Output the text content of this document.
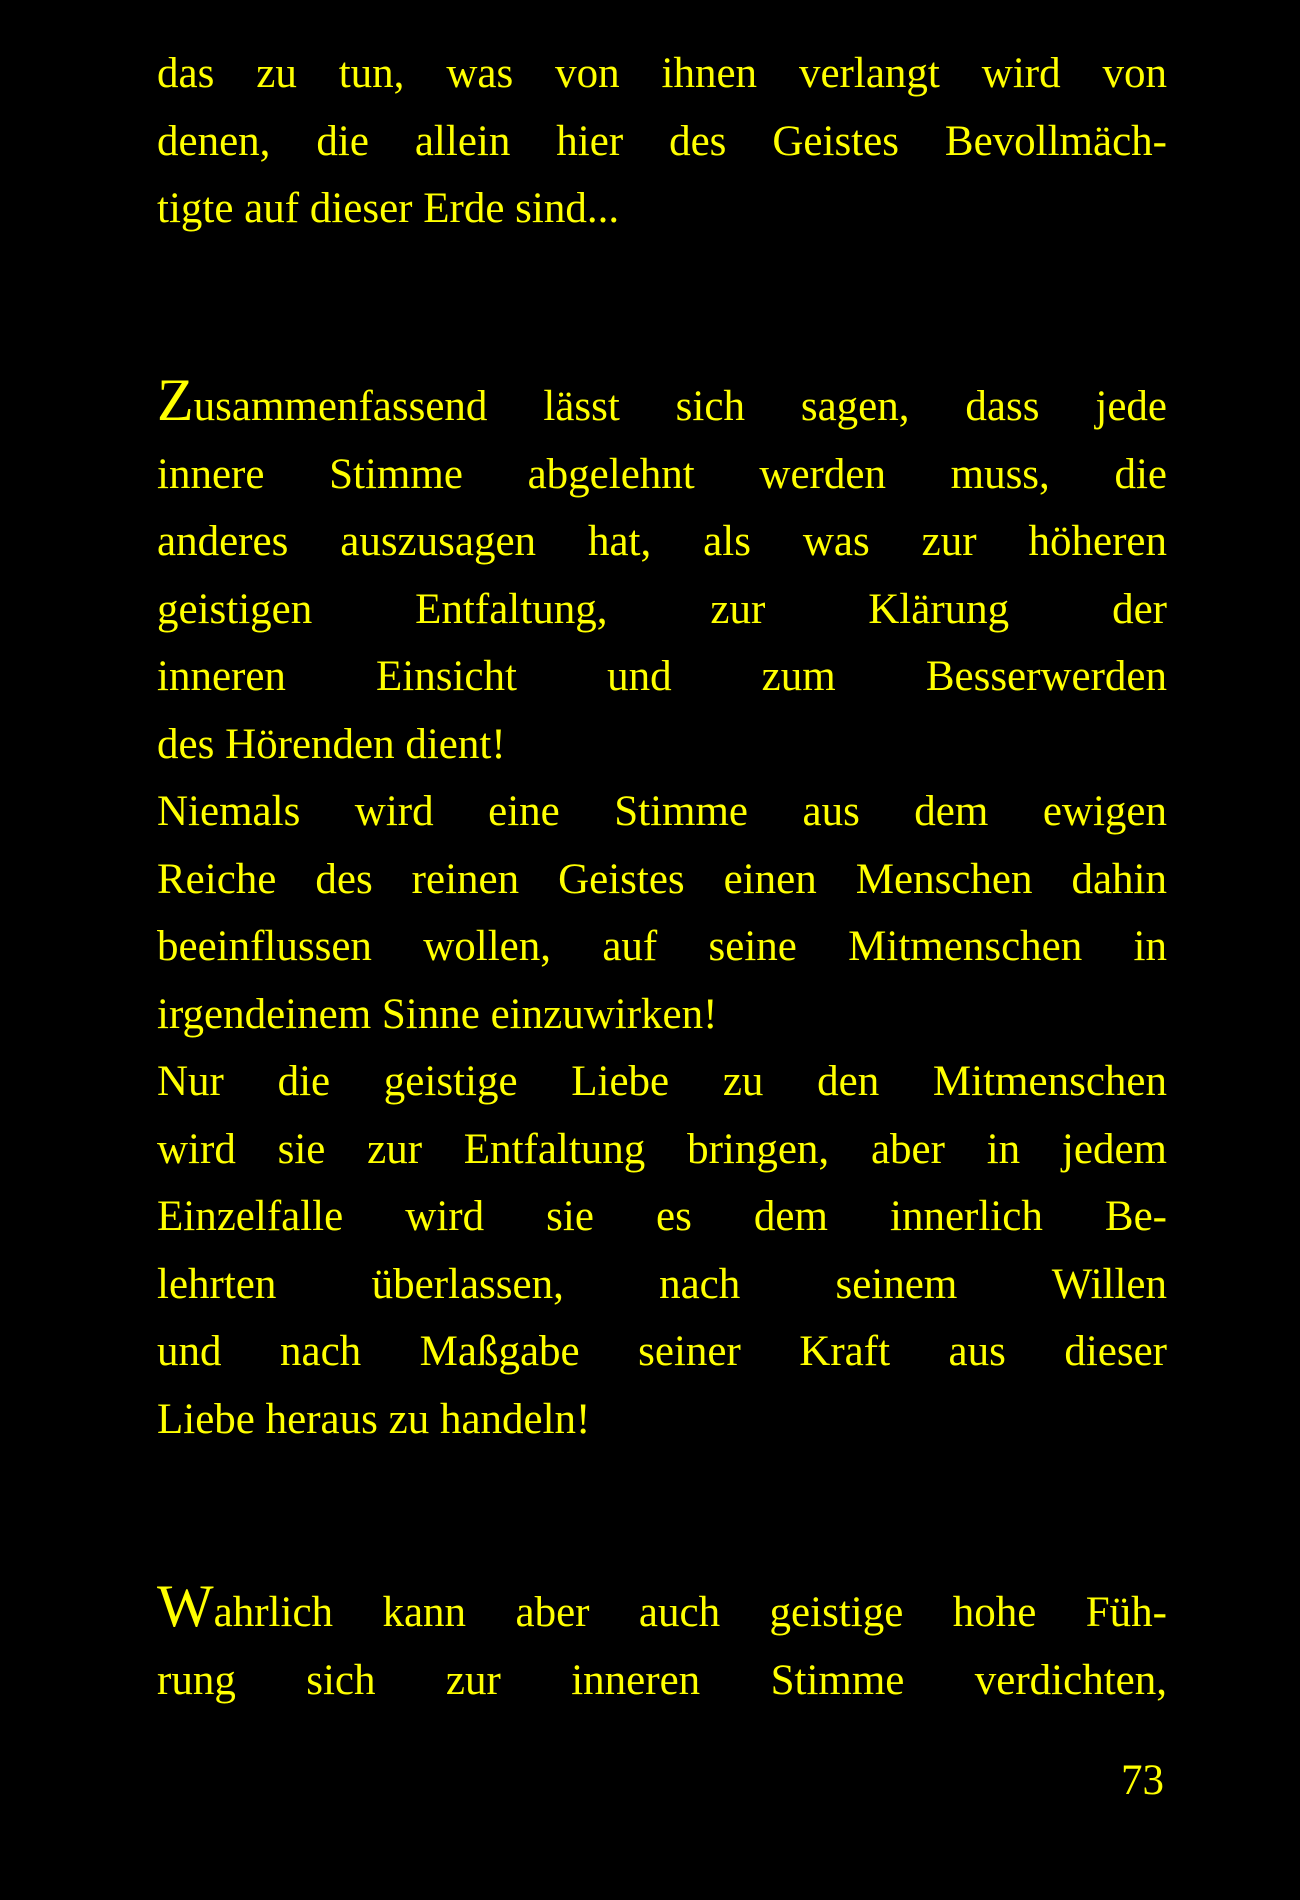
das zu tun, was von ihnen verlangt wird von
denen, die allein hier des Geistes Bevollmäch-
tigte auf dieser Erde sind...
Zusammenfassend lässt sich sagen, dass jede
innere Stimme abgelehnt werden muss, die
anderes auszusagen hat, als was zur höheren
geistigen Entfaltung, zur Klärung der
inneren Einsicht und zum Besserwerden
des Hörenden dient!
Niemals wird eine Stimme aus dem ewigen
Reiche des reinen Geistes einen Menschen dahin
beeinflussen wollen, auf seine Mitmenschen in
irgendeinem Sinne einzuwirken!
Nur die geistige Liebe zu den Mitmenschen
wird sie zur Entfaltung bringen, aber in jedem
Einzelfalle wird sie es dem innerlich Be-
lehrten überlassen, nach seinem Willen
und nach Maßgabe seiner Kraft aus dieser
Liebe heraus zu handeln!
Wahrlich kann aber auch geistige hohe Füh-
rung sich zur inneren Stimme verdichten,
73
